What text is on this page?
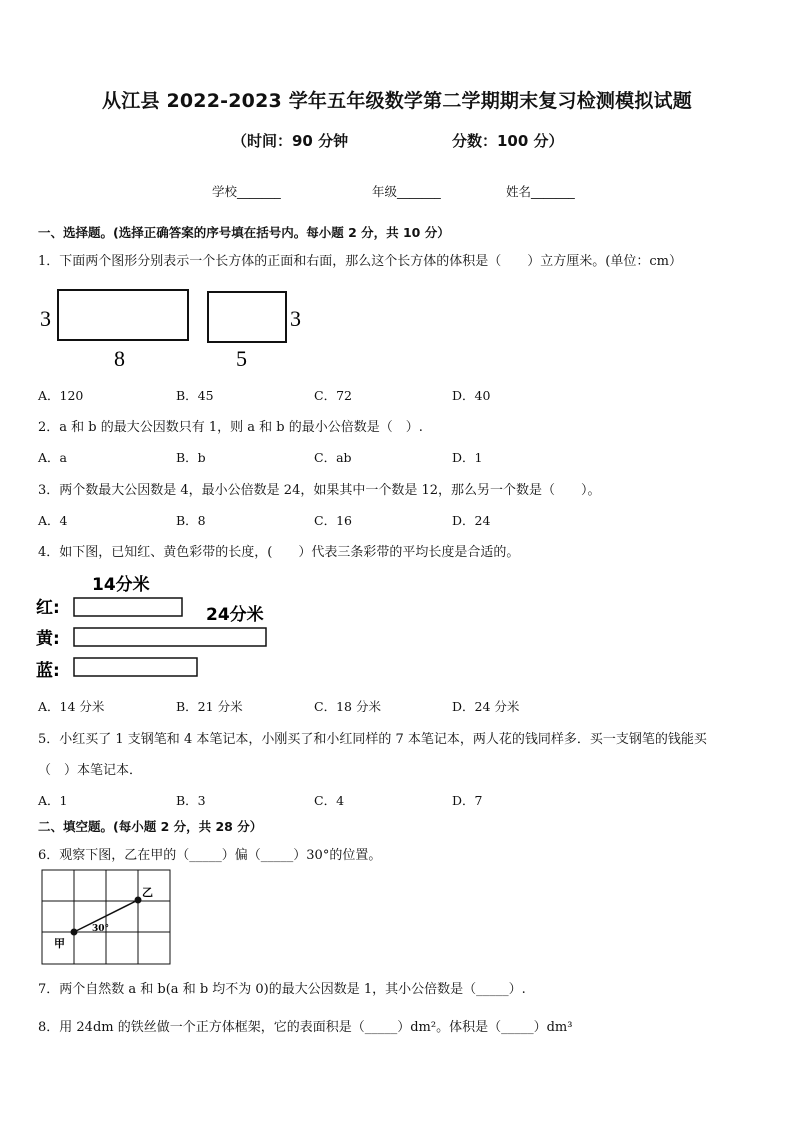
从江县 2022-2023 学年五年级数学第二学期期末复习检测模拟试题
（时间：90 分钟	分数：100 分）
学校_______	年级_______	姓名_______
一、选择题。(选择正确答案的序号填在括号内。每小题 2 分，共 10 分）
1．下面两个图形分别表示一个长方体的正面和右面，那么这个长方体的体积是（　　）立方厘米。(单位：cm）
3
8
3
5
A．120	B．45	C．72	D．40
2．a 和 b 的最大公因数只有 1，则 a 和 b 的最小公倍数是（　）.
A．a	B．b	C．ab	D．1
3．两个数最大公因数是 4，最小公倍数是 24，如果其中一个数是 12，那么另一个数是（　　）。
A．4	B．8	C．16	D．24
4．如下图，已知红、黄色彩带的长度，(　　）代表三条彩带的平均长度是合适的。
14分米
24分米
红:
黄:
蓝:
A．14 分米	B．21 分米	C．18 分米	D．24 分米
5．小红买了 1 支钢笔和 4 本笔记本，小刚买了和小红同样的 7 本笔记本，两人花的钱同样多．买一支钢笔的钱能买
（　）本笔记本．
A．1	B．3	C．4	D．7
二、填空题。(每小题 2 分，共 28 分）
6．观察下图，乙在甲的（_____）偏（_____）30°的位置。
甲
乙
30°
7．两个自然数 a 和 b(a 和 b 均不为 0)的最大公因数是 1，其小公倍数是（_____）.
8．用 24dm 的铁丝做一个正方体框架，它的表面积是（_____）dm²。体积是（_____）dm³
